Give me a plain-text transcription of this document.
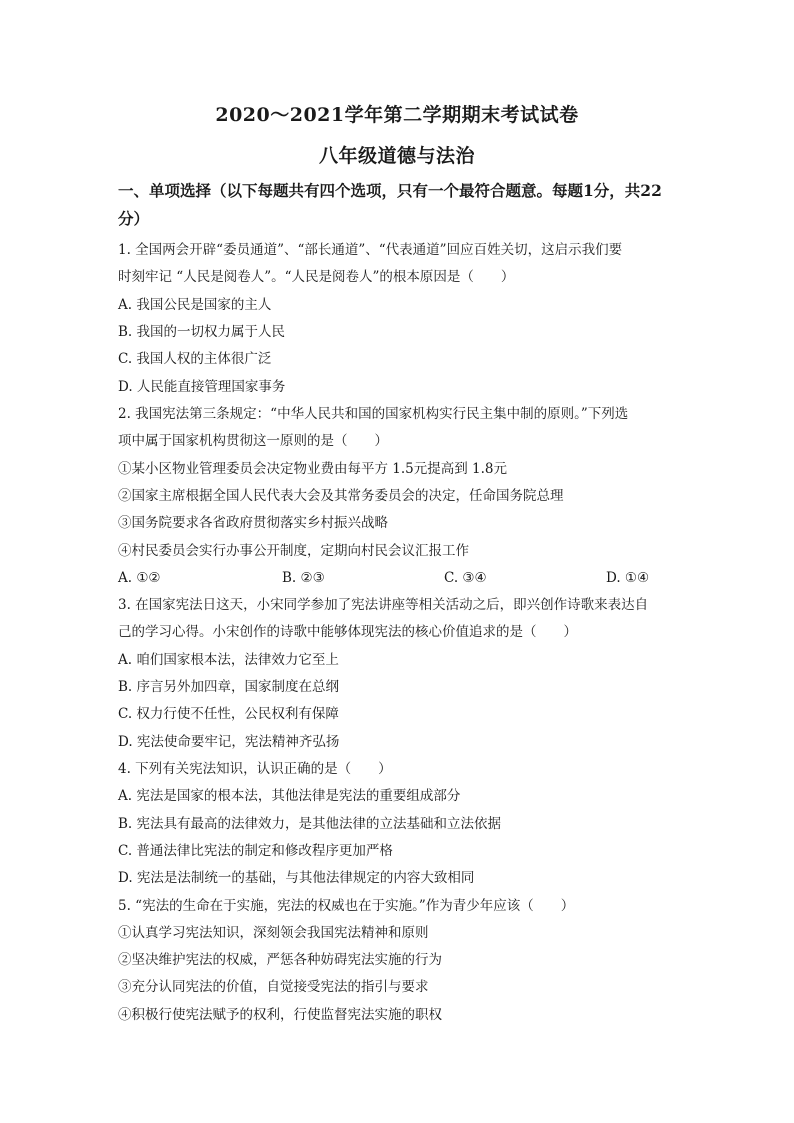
2020～2021学年第二学期期末考试试卷
八年级道德与法治
一、单项选择（以下每题共有四个选项，只有一个最符合题意。每题1分，共22
分）
1. 全国两会开辟“委员通道”、“部长通道”、“代表通道”回应百姓关切，这启示我们要
时刻牢记 “人民是阅卷人”。“人民是阅卷人”的根本原因是（　　）
A. 我国公民是国家的主人
B. 我国的一切权力属于人民
C. 我国人权的主体很广泛
D. 人民能直接管理国家事务
2. 我国宪法第三条规定：“中华人民共和国的国家机构实行民主集中制的原则。”下列选
项中属于国家机构贯彻这一原则的是（　　）
①某小区物业管理委员会决定物业费由每平方 1.5元提高到 1.8元
②国家主席根据全国人民代表大会及其常务委员会的决定，任命国务院总理
③国务院要求各省政府贯彻落实乡村振兴战略
④村民委员会实行办事公开制度，定期向村民会议汇报工作
A. ①②	B. ②③	C. ③④	D. ①④
3. 在国家宪法日这天，小宋同学参加了宪法讲座等相关活动之后，即兴创作诗歌来表达自
己的学习心得。小宋创作的诗歌中能够体现宪法的核心价值追求的是（　　）
A. 咱们国家根本法，法律效力它至上
B. 序言另外加四章，国家制度在总纲
C. 权力行使不任性，公民权利有保障
D. 宪法使命要牢记，宪法精神齐弘扬
4. 下列有关宪法知识，认识正确的是（　　）
A. 宪法是国家的根本法，其他法律是宪法的重要组成部分
B. 宪法具有最高的法律效力，是其他法律的立法基础和立法依据
C. 普通法律比宪法的制定和修改程序更加严格
D. 宪法是法制统一的基础，与其他法律规定的内容大致相同
5. “宪法的生命在于实施，宪法的权威也在于实施。”作为青少年应该（　　）
①认真学习宪法知识，深刻领会我国宪法精神和原则
②坚决维护宪法的权威，严惩各种妨碍宪法实施的行为
③充分认同宪法的价值，自觉接受宪法的指引与要求
④积极行使宪法赋予的权利，行使监督宪法实施的职权
